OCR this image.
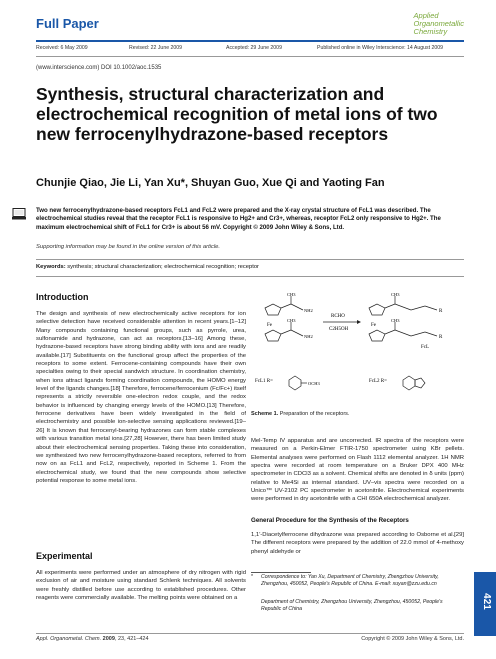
Full Paper
Applied
Organometallic
Chemistry
Received: 6 May 2009	Revised: 22 June 2009	Accepted: 29 June 2009	Published online in Wiley Interscience: 14 August 2009
(www.interscience.com) DOI 10.1002/aoc.1535
Synthesis, structural characterization and electrochemical recognition of metal ions of two new ferrocenylhydrazone-based receptors
Chunjie Qiao, Jie Li, Yan Xu*, Shuyan Guo, Xue Qi and Yaoting Fan
Two new ferrocenylhydrazone-based receptors FcL1 and FcL2 were prepared and the X-ray crystal structure of FcL1 was described. The electrochemical studies reveal that the receptor FcL1 is responsive to Hg2+ and Cr3+, whereas, receptor FcL2 only responsive to Hg2+. The maximum electrochemical shift of FcL1 for Cr3+ is about 56 mV. Copyright © 2009 John Wiley & Sons, Ltd.
Supporting information may be found in the online version of this article.
Keywords: synthesis; structural characterization; electrochemical recognition; receptor
Introduction
The design and synthesis of new electrochemically active receptors for ion selective detection have received considerable attention in recent years.[1–12] Many compounds containing functional groups, such as pyrrole, urea, sulfonamide and hydrazone, can act as receptors.[13–16] Among these, hydrazone-based receptors have strong binding ability with ions and are readily available.[17] Substituents on the functional group affect the properties of the receptors to some extent. Ferrocene-containing compounds have their own specialties owing to their special sandwich structure. In coordination chemistry, when ions attract ligands forming coordination compounds, the HOMO energy level of the ligands changes.[18] Therefore, ferrocene/ferrocenium (Fc/Fc+) itself represents a strictly reversible one-electron redox couple, and the redox behavior is influenced by changing energy levels of the HOMO.[13] Therefore, ferrocene derivatives have been widely investigated in the field of electrochemistry and possible ion-selective sensing applications reviewed.[19–26] It is known that ferrocenyl-bearing hydrazones can form stable complexes with various transition metal ions.[27,28] However, there has been limited study about their electrochemical sensing properties. Taking these into consideration, we synthesized two new ferrocenylhydrazone-based receptors, referred to from now on as FcL1 and FcL2, respectively, reported in Scheme 1. From the electrochemical study, we found that the new compounds show selective potential response to some metal ions.
Experimental
All experiments were performed under an atmosphere of dry nitrogen with rigid exclusion of air and moisture using standard Schlenk techniques. All solvents were freshly distilled before use according to established procedures. Other reagents were commercially available. The melting points were obtained on a
Fe
CH3
NH2
CH3
NH2
RCHO
C2H5OH
Fe
CH3
CH3
R
R
FcL
FcL1 R=	OCH3	FcL2 R=
Scheme 1. Preparation of the receptors.
Mel-Temp IV apparatus and are uncorrected. IR spectra of the receptors were measured on a Perkin-Elmer FTIR-1750 spectrometer using KBr pellets. Elemental analyses were performed on Flash 1112 elemental analyzer. 1H NMR spectra were recorded at room temperature on a Bruker DPX 400 MHz spectrometer in CDCl3 as a solvent. Chemical shifts are denoted in δ units (ppm) relative to Me4Si as internal standard. UV–vis spectra were recorded on a Unico™ UV-2102 PC spectrometer in acetonitrile. Electrochemical experiments were performed in dry acetonitrile with a CHI 650A electrochemical analyzer.
General Procedure for the Synthesis of the Receptors
1,1′-Diacetylferrocene dihydrazone was prepared according to Osborne et al.[29] The different receptors were prepared by the addition of 22.0 mmol of 4-methoxy phenyl aldehyde or
* Correspondence to: Yan Xu, Department of Chemistry, Zhengzhou University, Zhengzhou, 450052, People's Republic of China. E-mail: xuyan@zzu.edu.cn
Department of Chemistry, Zhengzhou University, Zhengzhou, 450052, People's Republic of China	421
Appl. Organometal. Chem. 2009, 23, 421–424	Copyright © 2009 John Wiley & Sons, Ltd.
